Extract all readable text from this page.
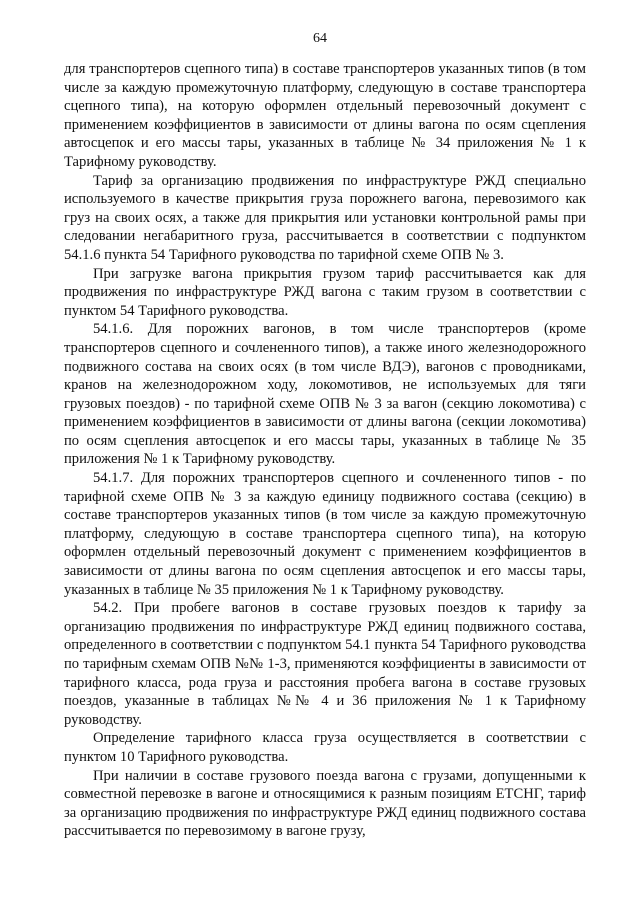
64

для транспортеров сцепного типа) в составе транспортеров указанных типов (в том числе за каждую промежуточную платформу, следующую в составе транспортера сцепного типа), на которую оформлен отдельный перевозочный документ с применением коэффициентов в зависимости от длины вагона по осям сцепления автосцепок и его массы тары, указанных в таблице № 34 приложения № 1 к Тарифному руководству.

Тариф за организацию продвижения по инфраструктуре РЖД специально используемого в качестве прикрытия груза порожнего вагона, перевозимого как груз на своих осях, а также для прикрытия или установки контрольной рамы при следовании негабаритного груза, рассчитывается в соответствии с подпунктом 54.1.6 пункта 54 Тарифного руководства по тарифной схеме ОПВ № 3.

При загрузке вагона прикрытия грузом тариф рассчитывается как для продвижения по инфраструктуре РЖД вагона с таким грузом в соответствии с пунктом 54 Тарифного руководства.

54.1.6. Для порожних вагонов, в том числе транспортеров (кроме транспортеров сцепного и сочлененного типов), а также иного железнодорожного подвижного состава на своих осях (в том числе ВДЭ), вагонов с проводниками, кранов на железнодорожном ходу, локомотивов, не используемых для тяги грузовых поездов) - по тарифной схеме ОПВ № 3 за вагон (секцию локомотива) с применением коэффициентов в зависимости от длины вагона (секции локомотива) по осям сцепления автосцепок и его массы тары, указанных в таблице № 35 приложения № 1 к Тарифному руководству.

54.1.7. Для порожних транспортеров сцепного и сочлененного типов - по тарифной схеме ОПВ № 3 за каждую единицу подвижного состава (секцию) в составе транспортеров указанных типов (в том числе за каждую промежуточную платформу, следующую в составе транспортера сцепного типа), на которую оформлен отдельный перевозочный документ с применением коэффициентов в зависимости от длины вагона по осям сцепления автосцепок и его массы тары, указанных в таблице № 35 приложения № 1 к Тарифному руководству.

54.2. При пробеге вагонов в составе грузовых поездов к тарифу за организацию продвижения по инфраструктуре РЖД единиц подвижного состава, определенного в соответствии с подпунктом 54.1 пункта 54 Тарифного руководства по тарифным схемам ОПВ №№ 1-3, применяются коэффициенты в зависимости от тарифного класса, рода груза и расстояния пробега вагона в составе грузовых поездов, указанные в таблицах №№ 4 и 36 приложения № 1 к Тарифному руководству.

Определение тарифного класса груза осуществляется в соответствии с пунктом 10 Тарифного руководства.

При наличии в составе грузового поезда вагона с грузами, допущенными к совместной перевозке в вагоне и относящимися к разным позициям ЕТСНГ, тариф за организацию продвижения по инфраструктуре РЖД единиц подвижного состава рассчитывается по перевозимому в вагоне грузу,
